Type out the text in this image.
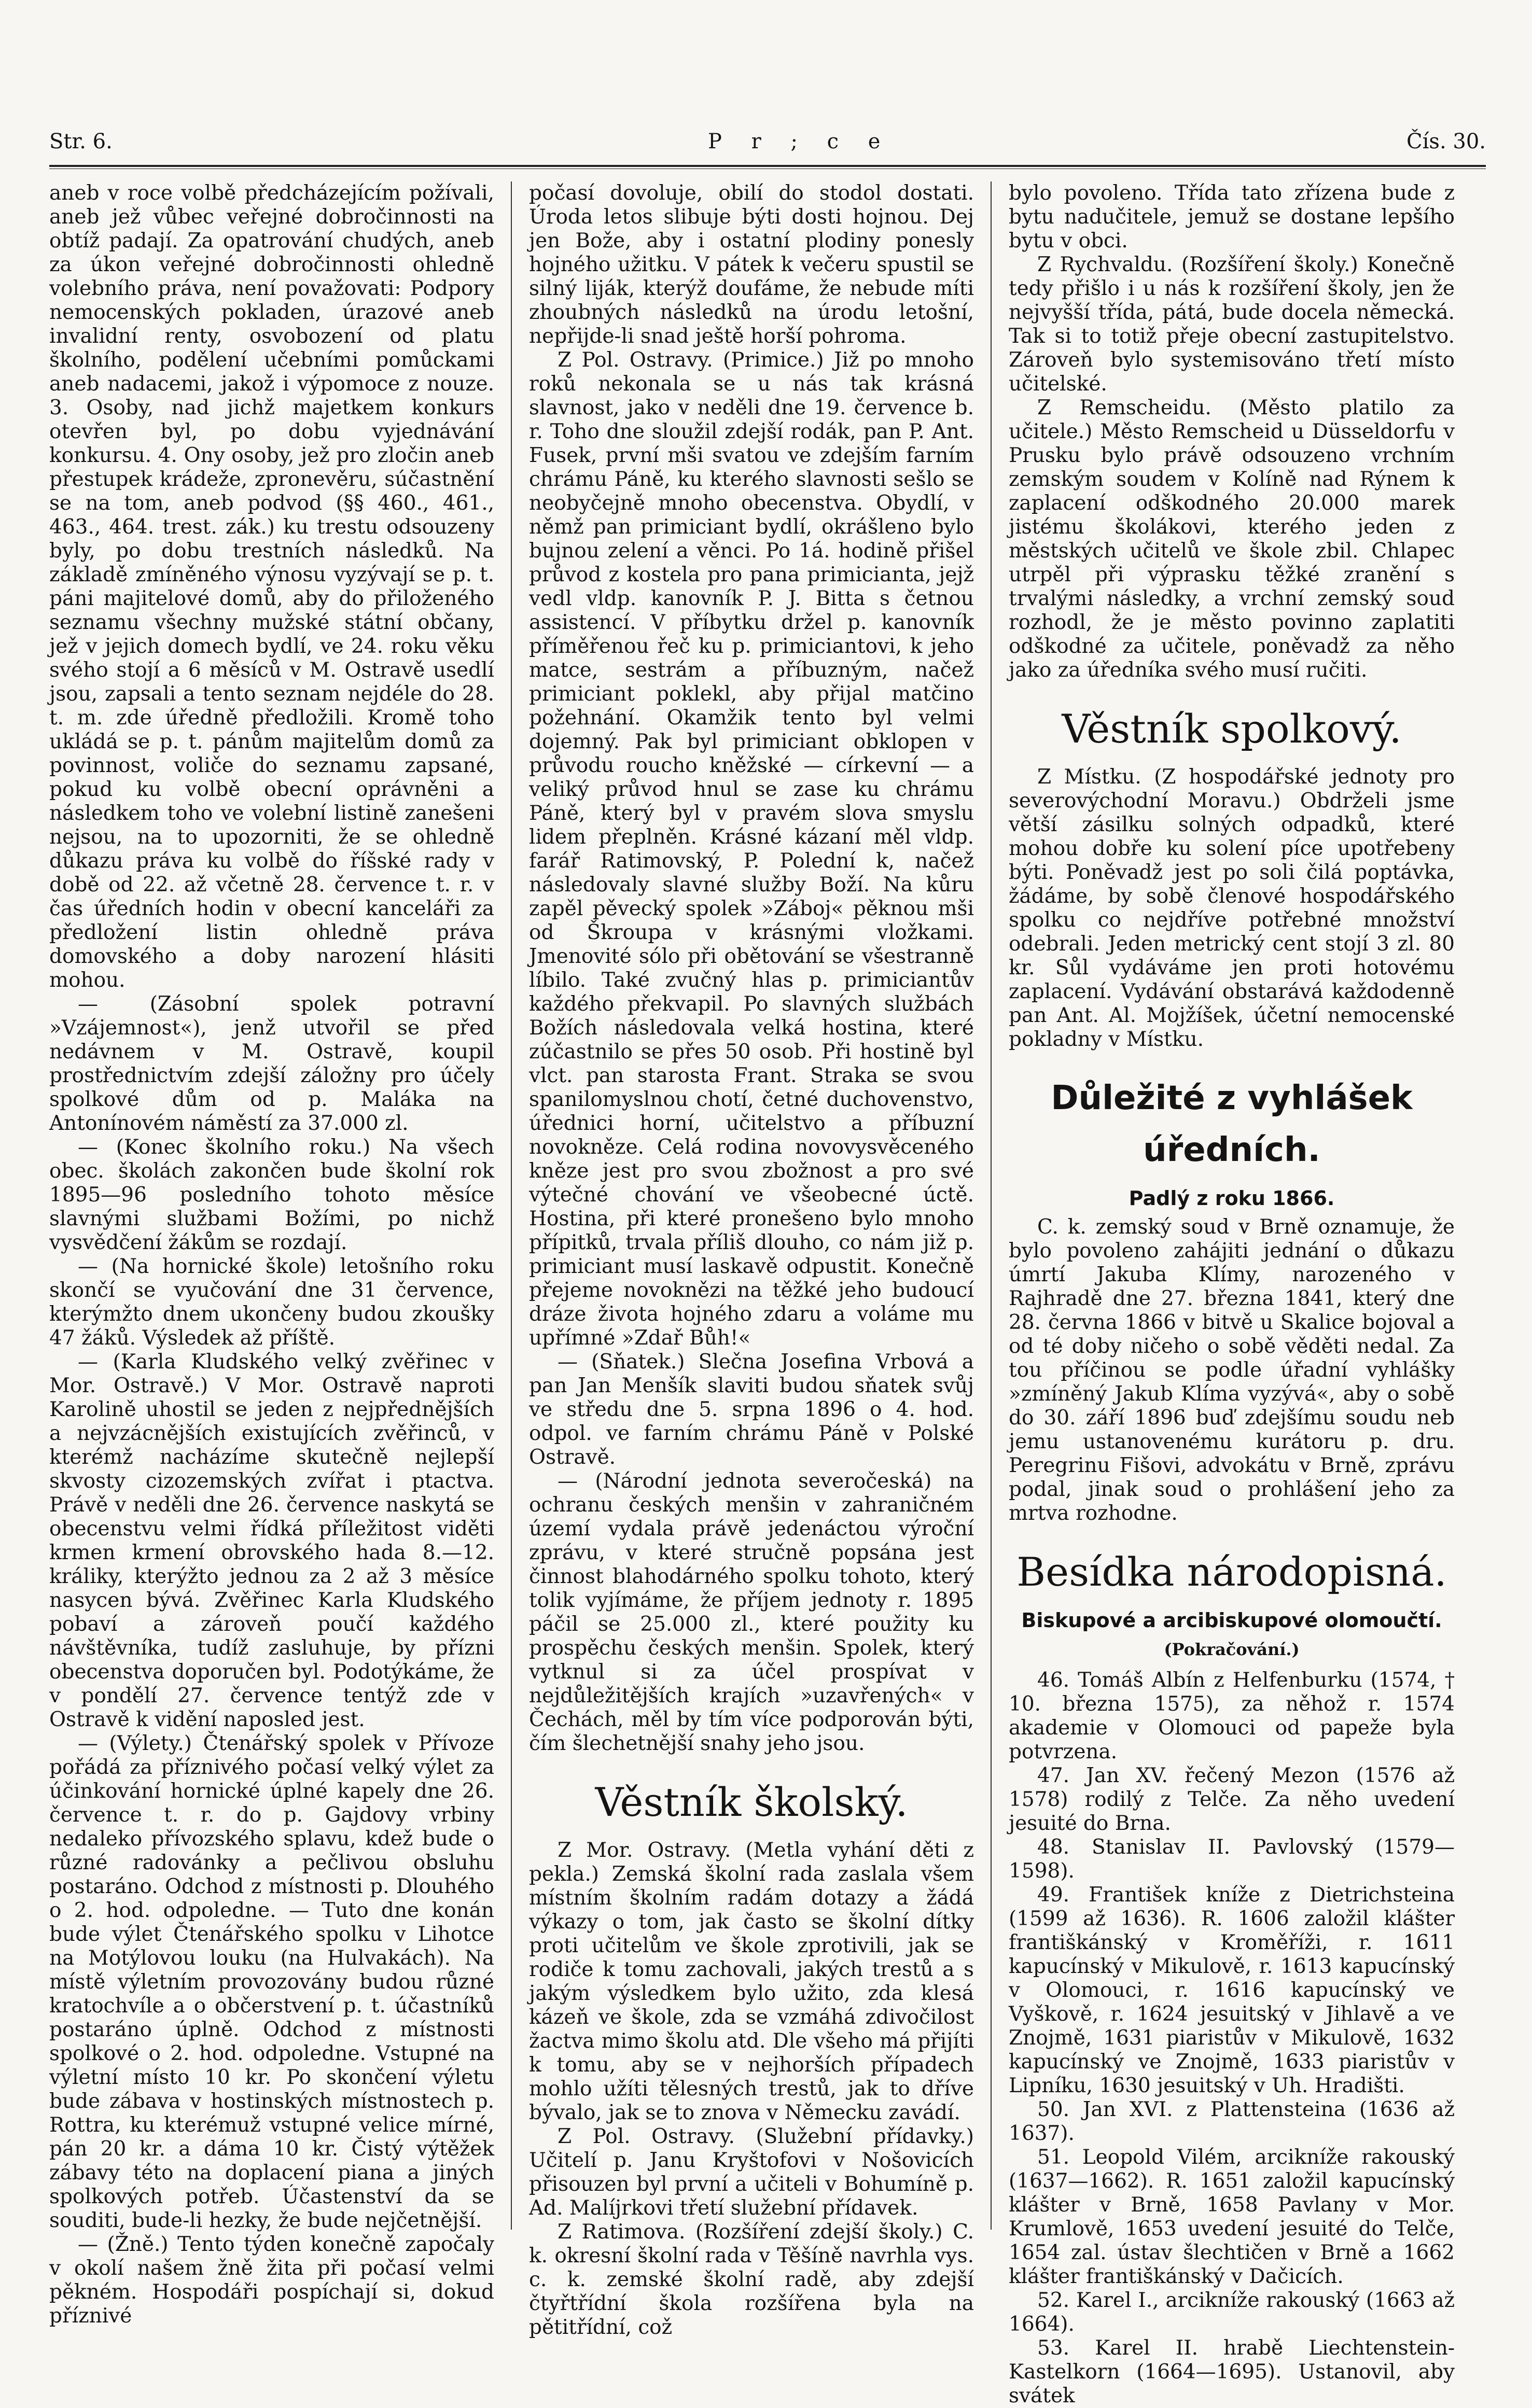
Str. 6.	P r ; c e	Čís. 30.

aneb v roce volbě předcházejícím požívali, aneb jež vůbec veřejné dobročinnosti na obtíž padají. Za opatrování chudých, aneb za úkon veřejné dobročinnosti ohledně volebního práva, není považovati: Podpory nemocenských pokladen, úrazové aneb invalidní renty, osvobození od platu školního, podělení učebními pomůckami aneb nadacemi, jakož i výpomoce z nouze. 3. Osoby, nad jichž majetkem konkurs otevřen byl, po dobu vyjednávání konkursu. 4. Ony osoby, jež pro zločin aneb přestupek krádeže, zpronevěru, súčastnění se na tom, aneb podvod (§§ 460., 461., 463., 464. trest. zák.) ku trestu odsouzeny byly, po dobu trestních následků. Na základě zmíněného výnosu vyzývají se p. t. páni majitelové domů, aby do přiloženého seznamu všechny mužské státní občany, jež v jejich domech bydlí, ve 24. roku věku svého stojí a 6 měsíců v M. Ostravě usedlí jsou, zapsali a tento seznam nejdéle do 28. t. m. zde úředně předložili. Kromě toho ukládá se p. t. pánům majitelům domů za povinnost, voliče do seznamu zapsané, pokud ku volbě obecní oprávněni a následkem toho ve volební listině zanešeni nejsou, na to upozorniti, že se ohledně důkazu práva ku volbě do říšské rady v době od 22. až včetně 28. července t. r. v čas úředních hodin v obecní kanceláři za předložení listin ohledně práva domovského a doby narození hlásiti mohou.

— (Zásobní spolek potravní »Vzájemnost«), jenž utvořil se před nedávnem v M. Ostravě, koupil prostřednictvím zdejší záložny pro účely spolkové dům od p. Maláka na Antonínovém náměstí za 37.000 zl.

— (Konec školního roku.) Na všech obec. školách zakončen bude školní rok 1895—96 posledního tohoto měsíce slavnými službami Božími, po nichž vysvědčení žákům se rozdají.

— (Na hornické škole) letošního roku skončí se vyučování dne 31 července, kterýmžto dnem ukončeny budou zkoušky 47 žáků. Výsledek až příště.

— (Karla Kludského velký zvěřinec v Mor. Ostravě.) V Mor. Ostravě naproti Karolině uhostil se jeden z nejpřednějších a nejvzácnějších existujících zvěřinců, v kterémž nacházíme skutečně nejlepší skvosty cizozemských zvířat i ptactva. Právě v neděli dne 26. července naskytá se obecenstvu velmi řídká příležitost viděti krmen krmení obrovského hada 8.—12. králiky, kterýžto jednou za 2 až 3 měsíce nasycen bývá. Zvěřinec Karla Kludského pobaví a zároveň poučí každého návštěvníka, tudíž zasluhuje, by přízni obecenstva doporučen byl. Podotýkáme, že v pondělí 27. července tentýž zde v Ostravě k vidění naposled jest.

— (Výlety.) Čtenářský spolek v Přívoze pořádá za příznivého počasí velký výlet za účinkování hornické úplné kapely dne 26. července t. r. do p. Gajdovy vrbiny nedaleko přívozského splavu, kdež bude o různé radovánky a pečlivou obsluhu postaráno. Odchod z místnosti p. Dlouhého o 2. hod. odpoledne. — Tuto dne konán bude výlet Čtenářského spolku v Lihotce na Motýlovou louku (na Hulvakách). Na místě výletním provozovány budou různé kratochvíle a o občerstvení p. t. účastníků postaráno úplně. Odchod z místnosti spolkové o 2. hod. odpoledne. Vstupné na výletní místo 10 kr. Po skončení výletu bude zábava v hostinských místnostech p. Rottra, ku kterémuž vstupné velice mírné, pán 20 kr. a dáma 10 kr. Čistý výtěžek zábavy této na doplacení piana a jiných spolkových potřeb. Účastenství da se souditi, bude-li hezky, že bude nejčetnější.

— (Žně.) Tento týden konečně započaly v okolí našem žně žita při počasí velmi pěkném. Hospodáři pospíchají si, dokud příznivé

počasí dovoluje, obilí do stodol dostati. Úroda letos slibuje býti dosti hojnou. Dej jen Bože, aby i ostatní plodiny ponesly hojného užitku. V pátek k večeru spustil se silný liják, kterýž doufáme, že nebude míti zhoubných následků na úrodu letošní, nepřijde-li snad ještě horší pohroma.

Z Pol. Ostravy. (Primice.) Již po mnoho roků nekonala se u nás tak krásná slavnost, jako v neděli dne 19. července b. r. Toho dne sloužil zdejší rodák, pan P. Ant. Fusek, první mši svatou ve zdejším farním chrámu Páně, ku kterého slavnosti sešlo se neobyčejně mnoho obecenstva. Obydlí, v němž pan primiciant bydlí, okrášleno bylo bujnou zelení a věnci. Po 1á. hodině přišel průvod z kostela pro pana primicianta, jejž vedl vldp. kanovník P. J. Bitta s četnou assistencí. V příbytku držel p. kanovník příměřenou řeč ku p. primiciantovi, k jeho matce, sestrám a příbuzným, načež primiciant poklekl, aby přijal matčino požehnání. Okamžik tento byl velmi dojemný. Pak byl primiciant obklopen v průvodu roucho kněžské — církevní — a veliký průvod hnul se zase ku chrámu Páně, který byl v pravém slova smyslu lidem přeplněn. Krásné kázaní měl vldp. farář Ratimovský, P. Polední k, načež následovaly slavné služby Boží. Na kůru zapěl pěvecký spolek »Záboj« pěknou mši od Škroupa v krásnými vložkami. Jmenovité sólo při obětování se všestranně líbilo. Také zvučný hlas p. primiciantův každého překvapil. Po slavných službách Božích následovala velká hostina, které zúčastnilo se přes 50 osob. Při hostině byl vlct. pan starosta Frant. Straka se svou spanilomyslnou chotí, četné duchovenstvo, úřednici horní, učitelstvo a příbuzní novokněze. Celá rodina novovysvěceného kněze jest pro svou zbožnost a pro své výtečné chování ve všeobecné úctě. Hostina, při které pronešeno bylo mnoho přípitků, trvala příliš dlouho, co nám již p. primiciant musí laskavě odpustit. Konečně přejeme novoknězi na těžké jeho budoucí dráze života hojného zdaru a voláme mu upřímné »Zdař Bůh!«

— (Sňatek.) Slečna Josefina Vrbová a pan Jan Menšík slaviti budou sňatek svůj ve středu dne 5. srpna 1896 o 4. hod. odpol. ve farním chrámu Páně v Polské Ostravě.

— (Národní jednota severočeská) na ochranu českých menšin v zahraničném území vydala právě jedenáctou výroční zprávu, v které stručně popsána jest činnost blahodárného spolku tohoto, který tolik vyjímáme, že příjem jednoty r. 1895 páčil se 25.000 zl., které použity ku prospěchu českých menšin. Spolek, který vytknul si za účel prospívat v nejdůležitějších krajích »uzavřených« v Čechách, měl by tím více podporován býti, čím šlechetnější snahy jeho jsou.

Věstník školský.

Z Mor. Ostravy. (Metla vyhání děti z pekla.) Zemská školní rada zaslala všem místním školním radám dotazy a žádá výkazy o tom, jak často se školní dítky proti učitelům ve škole zprotivili, jak se rodiče k tomu zachovali, jakých trestů a s jakým výsledkem bylo užito, zda klesá kázeň ve škole, zda se vzmáhá zdivočilost žactva mimo školu atd. Dle všeho má přijíti k tomu, aby se v nejhorších případech mohlo užíti tělesných trestů, jak to dříve bývalo, jak se to znova v Německu zavádí.

Z Pol. Ostravy. (Služební přídavky.) Učitelí p. Janu Kryštofovi v Nošovicích přisouzen byl první a učiteli v Bohumíně p. Ad. Malíjrkovi třetí služební přídavek.

Z Ratimova. (Rozšíření zdejší školy.) C. k. okresní školní rada v Těšíně navrhla vys. c. k. zemské školní radě, aby zdejší čtyřtřídní škola rozšířena byla na pětitřídní, což

bylo povoleno. Třída tato zřízena bude z bytu nadučitele, jemuž se dostane lepšího bytu v obci.

Z Rychvaldu. (Rozšíření školy.) Konečně tedy přišlo i u nás k rozšíření školy, jen že nejvyšší třída, pátá, bude docela německá. Tak si to totiž přeje obecní zastupitelstvo. Zároveň bylo systemisováno třetí místo učitelské.

Z Remscheidu. (Město platilo za učitele.) Město Remscheid u Düsseldorfu v Prusku bylo právě odsouzeno vrchním zemským soudem v Kolíně nad Rýnem k zaplacení odškodného 20.000 marek jistému školákovi, kterého jeden z městských učitelů ve škole zbil. Chlapec utrpěl při výprasku těžké zranění s trvalými následky, a vrchní zemský soud rozhodl, že je město povinno zaplatiti odškodné za učitele, poněvadž za něho jako za úředníka svého musí ručiti.

Věstník spolkový.

Z Místku. (Z hospodářské jednoty pro severovýchodní Moravu.) Obdrželi jsme větší zásilku solných odpadků, které mohou dobře ku solení píce upotřebeny býti. Poněvadž jest po soli čilá poptávka, žádáme, by sobě členové hospodářského spolku co nejdříve potřebné množství odebrali. Jeden metrický cent stojí 3 zl. 80 kr. Sůl vydáváme jen proti hotovému zaplacení. Vydávání obstarává každodenně pan Ant. Al. Mojžíšek, účetní nemocenské pokladny v Místku.

Důležité z vyhlášek úředních.
Padlý z roku 1866.

C. k. zemský soud v Brně oznamuje, že bylo povoleno zahájiti jednání o důkazu úmrtí Jakuba Klímy, narozeného v Rajhradě dne 27. března 1841, který dne 28. června 1866 v bitvě u Skalice bojoval a od té doby ničeho o sobě věděti nedal. Za tou příčinou se podle úřadní vyhlášky »zmíněný Jakub Klíma vyzývá«, aby o sobě do 30. září 1896 buď zdejšímu soudu neb jemu ustanovenému kurátoru p. dru. Peregrinu Fišovi, advokátu v Brně, zprávu podal, jinak soud o prohlášení jeho za mrtva rozhodne.

Besídka národopisná.
Biskupové a arcibiskupové olomoučtí.
(Pokračování.)

46. Tomáš Albín z Helfenburku (1574, † 10. března 1575), za něhož r. 1574 akademie v Olomouci od papeže byla potvrzena.

47. Jan XV. řečený Mezon (1576 až 1578) rodilý z Telče. Za něho uvedení jesuité do Brna.

48. Stanislav II. Pavlovský (1579—1598).

49. František kníže z Dietrichsteina (1599 až 1636). R. 1606 založil klášter františkánský v Kroměříži, r. 1611 kapucínský v Mikulově, r. 1613 kapucínský v Olomouci, r. 1616 kapucínský ve Vyškově, r. 1624 jesuitský v Jihlavě a ve Znojmě, 1631 piaristův v Mikulově, 1632 kapucínský ve Znojmě, 1633 piaristův v Lipníku, 1630 jesuitský v Uh. Hradišti.

50. Jan XVI. z Plattensteina (1636 až 1637).

51. Leopold Vilém, arcikníže rakouský (1637—1662). R. 1651 založil kapucínský klášter v Brně, 1658 Pavlany v Mor. Krumlově, 1653 uvedení jesuité do Telče, 1654 zal. ústav šlechtičen v Brně a 1662 klášter františkánský v Dačicích.

52. Karel I., arcikníže rakouský (1663 až 1664).

53. Karel II. hrabě Liechtenstein-Kastelkorn (1664—1695). Ustanovil, aby svátek
